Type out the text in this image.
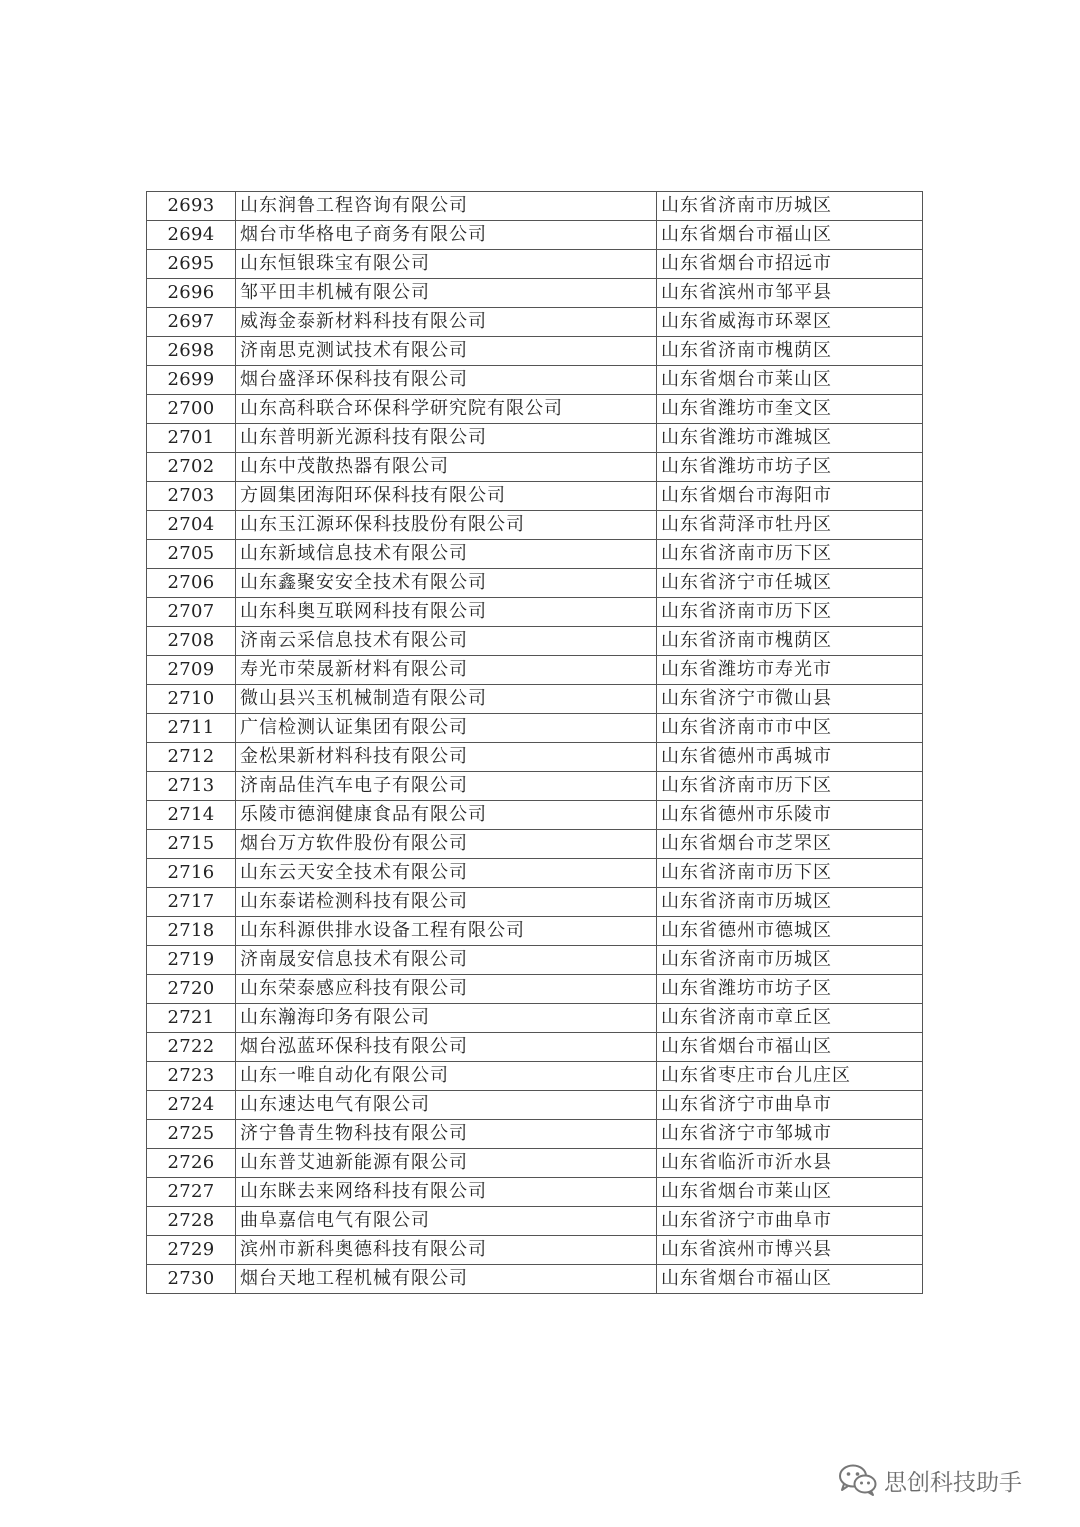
2693	山东润鲁工程咨询有限公司	山东省济南市历城区
2694	烟台市华格电子商务有限公司	山东省烟台市福山区
2695	山东恒银珠宝有限公司	山东省烟台市招远市
2696	邹平田丰机械有限公司	山东省滨州市邹平县
2697	威海金泰新材料科技有限公司	山东省威海市环翠区
2698	济南思克测试技术有限公司	山东省济南市槐荫区
2699	烟台盛泽环保科技有限公司	山东省烟台市莱山区
2700	山东高科联合环保科学研究院有限公司	山东省潍坊市奎文区
2701	山东普明新光源科技有限公司	山东省潍坊市潍城区
2702	山东中茂散热器有限公司	山东省潍坊市坊子区
2703	方圆集团海阳环保科技有限公司	山东省烟台市海阳市
2704	山东玉江源环保科技股份有限公司	山东省菏泽市牡丹区
2705	山东新域信息技术有限公司	山东省济南市历下区
2706	山东鑫聚安安全技术有限公司	山东省济宁市任城区
2707	山东科奥互联网科技有限公司	山东省济南市历下区
2708	济南云采信息技术有限公司	山东省济南市槐荫区
2709	寿光市荣晟新材料有限公司	山东省潍坊市寿光市
2710	微山县兴玉机械制造有限公司	山东省济宁市微山县
2711	广信检测认证集团有限公司	山东省济南市市中区
2712	金松果新材料科技有限公司	山东省德州市禹城市
2713	济南品佳汽车电子有限公司	山东省济南市历下区
2714	乐陵市德润健康食品有限公司	山东省德州市乐陵市
2715	烟台万方软件股份有限公司	山东省烟台市芝罘区
2716	山东云天安全技术有限公司	山东省济南市历下区
2717	山东泰诺检测科技有限公司	山东省济南市历城区
2718	山东科源供排水设备工程有限公司	山东省德州市德城区
2719	济南晟安信息技术有限公司	山东省济南市历城区
2720	山东荣泰感应科技有限公司	山东省潍坊市坊子区
2721	山东瀚海印务有限公司	山东省济南市章丘区
2722	烟台泓蓝环保科技有限公司	山东省烟台市福山区
2723	山东一唯自动化有限公司	山东省枣庄市台儿庄区
2724	山东速达电气有限公司	山东省济宁市曲阜市
2725	济宁鲁青生物科技有限公司	山东省济宁市邹城市
2726	山东普艾迪新能源有限公司	山东省临沂市沂水县
2727	山东眯去来网络科技有限公司	山东省烟台市莱山区
2728	曲阜嘉信电气有限公司	山东省济宁市曲阜市
2729	滨州市新科奥德科技有限公司	山东省滨州市博兴县
2730	烟台天地工程机械有限公司	山东省烟台市福山区
思创科技助手
